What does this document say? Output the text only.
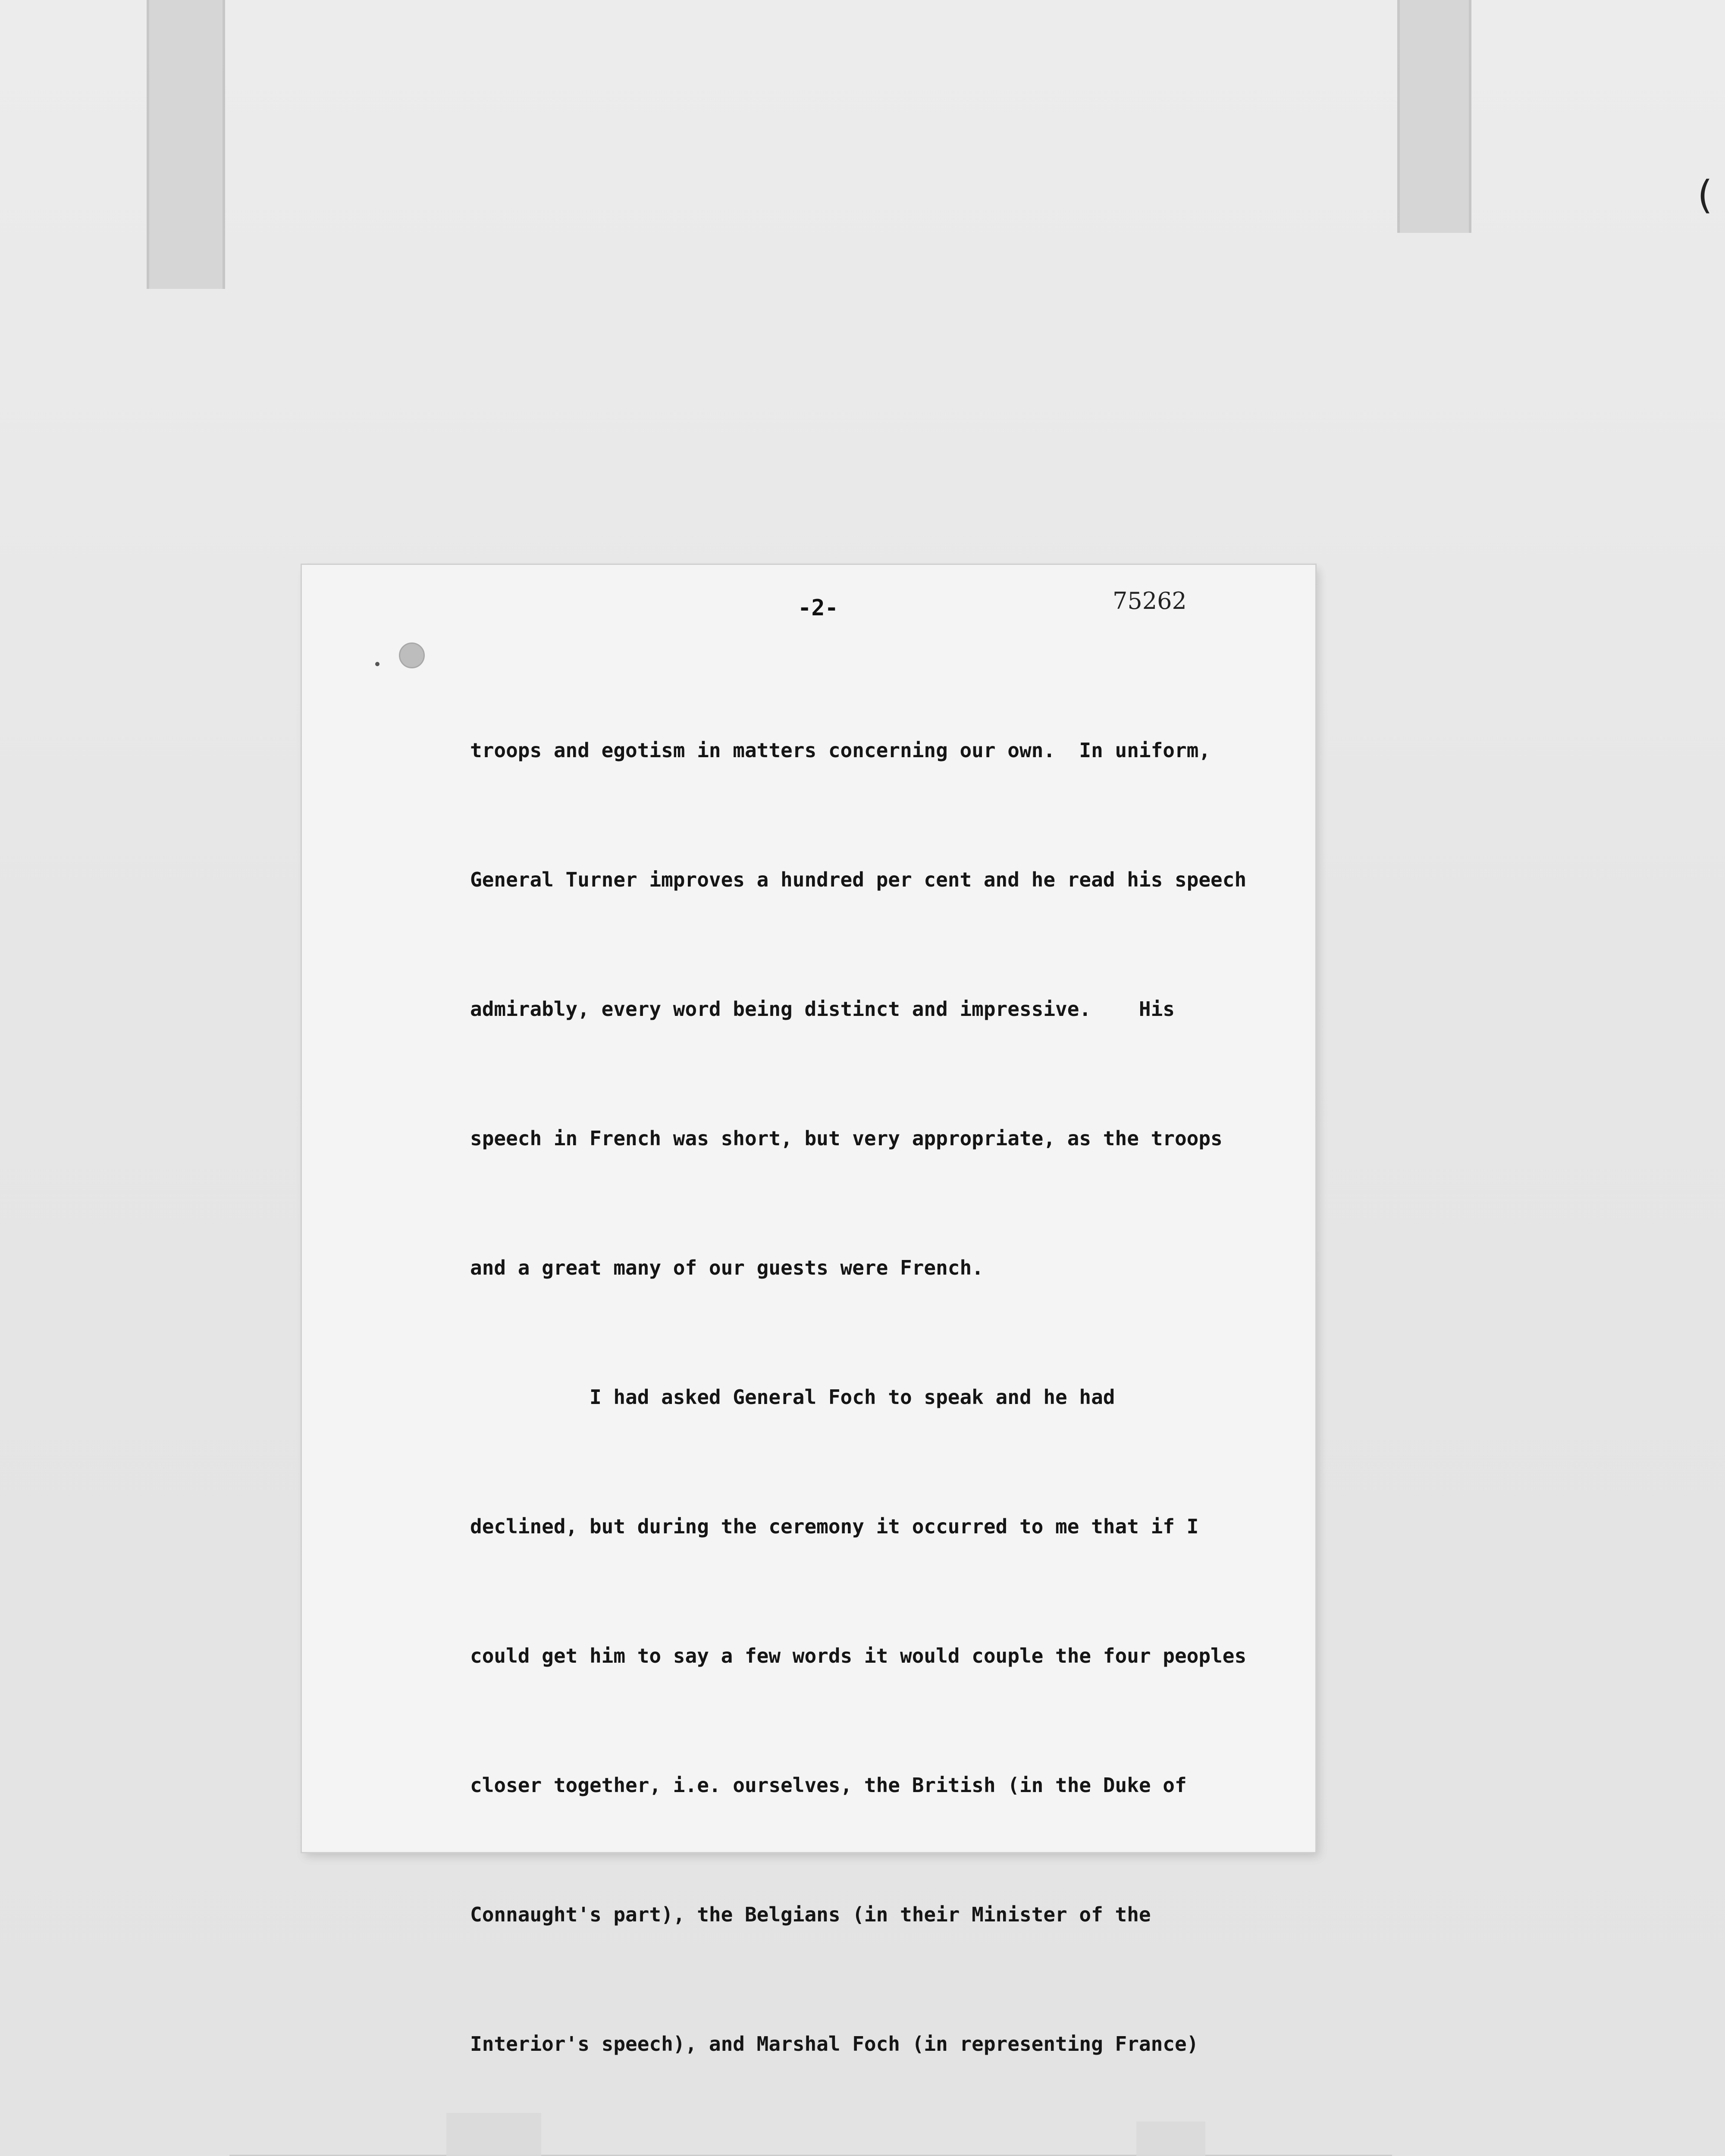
(
-2-	75262

troops and egotism in matters concerning our own.  In uniform,

General Turner improves a hundred per cent and he read his speech

admirably, every word being distinct and impressive.    His

speech in French was short, but very appropriate, as the troops

and a great many of our guests were French.

I had asked General Foch to speak and he had

declined, but during the ceremony it occurred to me that if I

could get him to say a few words it would couple the four peoples

closer together, i.e. ourselves, the British (in the Duke of

Connaught's part), the Belgians (in their Minister of the

Interior's speech), and Marshal Foch (in representing France)
